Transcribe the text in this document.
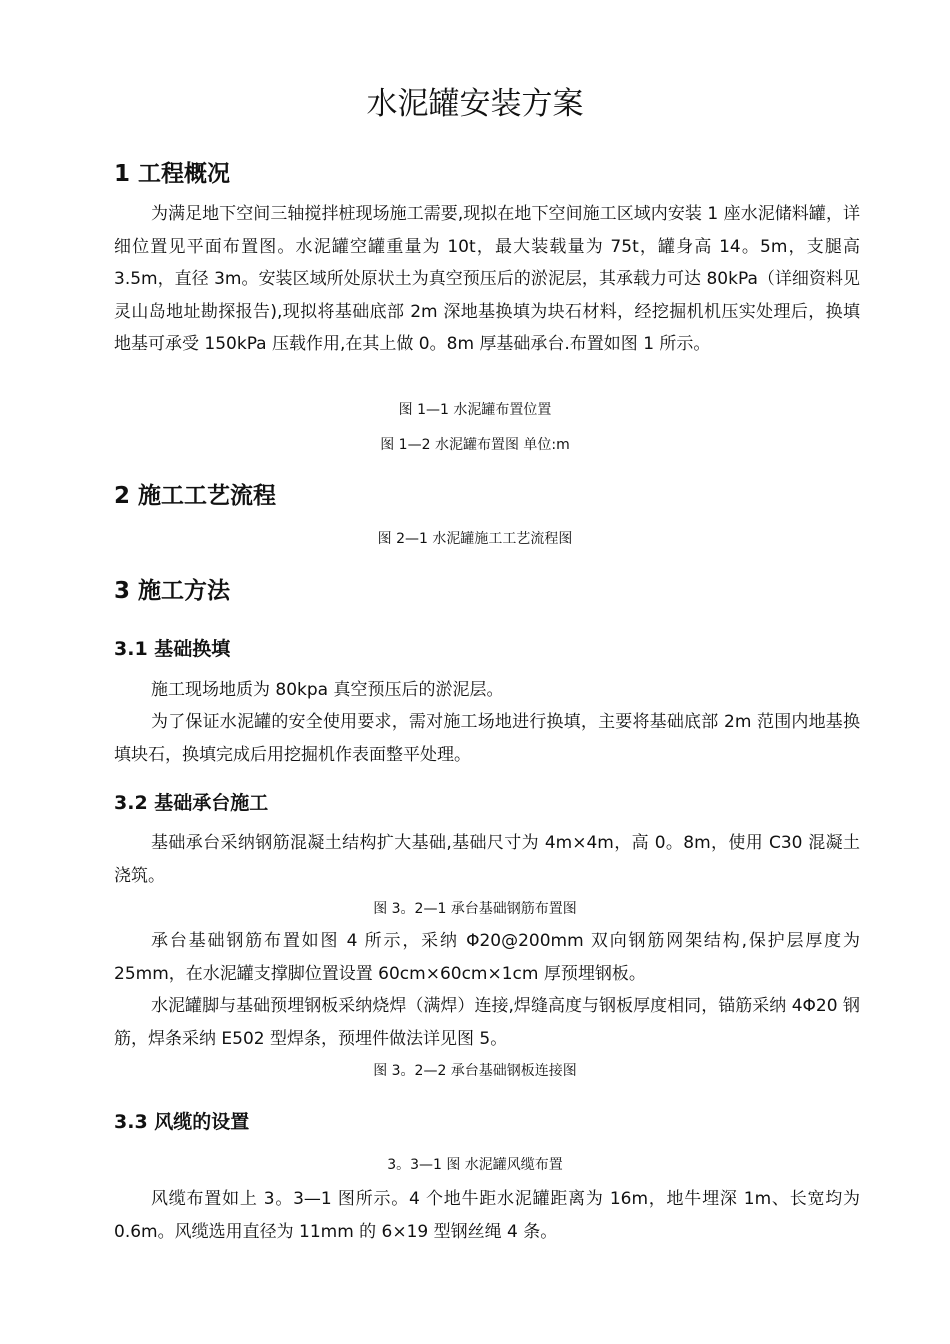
水泥罐安装方案
1 工程概况

为满足地下空间三轴搅拌桩现场施工需要,现拟在地下空间施工区域内安装 1 座水泥储料罐，详细位置见平面布置图。水泥罐空罐重量为 10t，最大装载量为 75t，罐身高 14。5m，支腿高 3.5m，直径 3m。安装区域所处原状土为真空预压后的淤泥层，其承载力可达 80kPa（详细资料见灵山岛地址勘探报告),现拟将基础底部 2m 深地基换填为块石材料，经挖掘机机压实处理后，换填地基可承受 150kPa 压载作用,在其上做 0。8m 厚基础承台.布置如图 1 所示。

图 1—1 水泥罐布置位置
图 1—2 水泥罐布置图 单位:m
2 施工工艺流程
图 2—1 水泥罐施工工艺流程图
3 施工方法
3.1 基础换填

施工现场地质为 80kpa 真空预压后的淤泥层。

为了保证水泥罐的安全使用要求，需对施工场地进行换填，主要将基础底部 2m 范围内地基换填块石，换填完成后用挖掘机作表面整平处理。

3.2 基础承台施工

基础承台采纳钢筋混凝土结构扩大基础,基础尺寸为 4m×4m，高 0。8m，使用 C30 混凝土浇筑。

图 3。2—1 承台基础钢筋布置图

承台基础钢筋布置如图 4 所示，采纳 Φ20@200mm 双向钢筋网架结构,保护层厚度为 25mm，在水泥罐支撑脚位置设置 60cm×60cm×1cm 厚预埋钢板。

水泥罐脚与基础预埋钢板采纳烧焊（满焊）连接,焊缝高度与钢板厚度相同，锚筋采纳 4Φ20 钢筋，焊条采纳 E502 型焊条，预埋件做法详见图 5。

图 3。2—2 承台基础钢板连接图
3.3 风缆的设置
3。3—1 图 水泥罐风缆布置

风缆布置如上 3。3—1 图所示。4 个地牛距水泥罐距离为 16m，地牛埋深 1m、长宽均为 0.6m。风缆选用直径为 11mm 的 6×19 型钢丝绳 4 条。
